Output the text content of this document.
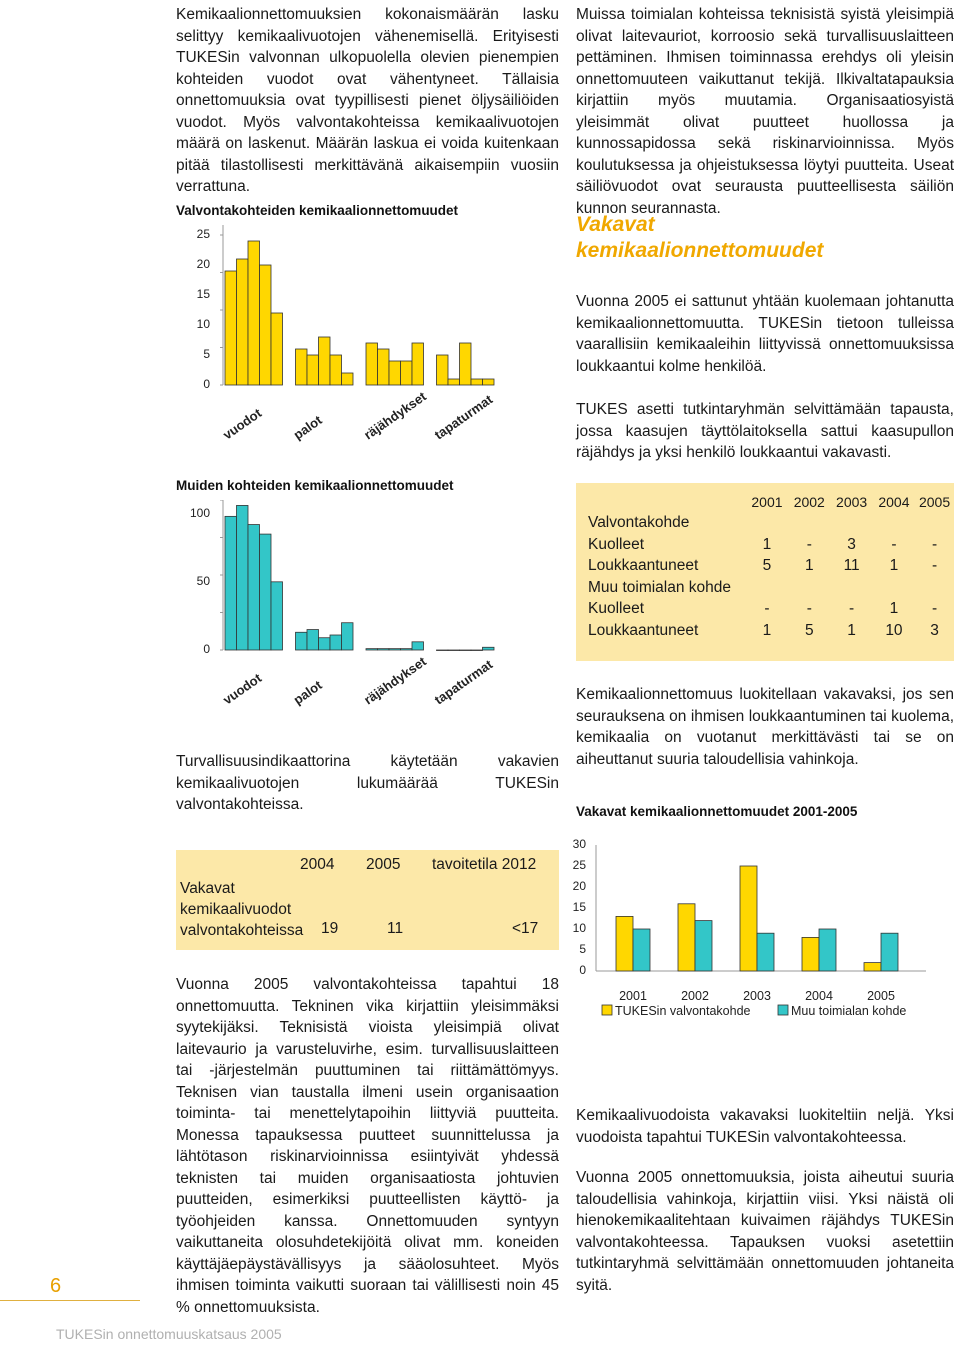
Kemikaalionnettomuuksien kokonaismäärän lasku selittyy kemikaalivuotojen vähenemisellä. Erityisesti TUKESin valvonnan ulkopuolella olevien pienempien kohteiden vuodot ovat vähentyneet. Tällaisia onnettomuuksia ovat tyypillisesti pienet öljysäiliöiden vuodot. Myös valvontakohteissa kemikaalivuotojen määrä on laskenut. Määrän laskua ei voida kuitenkaan pitää tilastollisesti merkittävänä aikaisempiin vuosiin verrattuna.

Valvontakohteiden kemikaalionnettomuudet
25
20
15
10
5
0
vuodot palot	räjähdykset tapaturmat
Muiden kohteiden kemikaalionnettomuudet
100
50
0
vuodot palot	räjähdykset tapaturmat

Turvallisuusindikaattorina käytetään vakavien kemikaalivuotojen lukumäärää TUKESin valvontakohteissa.

2004 2005 tavoitetila 2012
Vakavat
kemikaalivuodot
valvontakohteissa 19	11	<17

Vuonna 2005 valvontakohteissa tapahtui 18 onnettomuutta. Tekninen vika kirjattiin yleisimmäksi syytekijäksi. Teknisistä vioista yleisimpiä olivat laitevaurio ja varusteluvirhe, esim. turvallisuuslaitteen tai -järjestelmän puuttuminen tai riittämättömyys. Teknisen vian taustalla ilmeni usein organisaation toiminta- tai menettelytapoihin liittyviä puutteita. Monessa tapauksessa puutteet suunnittelussa ja lähtötason riskinarvioinnissa esiintyivät yhdessä teknisten tai muiden organisaatiosta johtuvien puutteiden, esimerkiksi puutteellisten käyttö- ja työohjeiden kanssa. Onnettomuuden syntyyn vaikuttaneita olosuhdetekijöitä olivat mm. koneiden käyttäjäepäystävällisyys ja sääolosuhteet. Myös ihmisen toiminta vaikutti suoraan tai välillisesti noin 45 % onnettomuuksista.

Muissa toimialan kohteissa teknisistä syistä yleisimpiä olivat laitevauriot, korroosio sekä turvallisuuslaitteen pettäminen. Ihmisen toiminnassa erehdys oli yleisin onnettomuuteen vaikuttanut tekijä. Ilkivaltatapauksia kirjattiin myös muutamia. Organisaatiosyistä yleisimmät olivat puutteet huollossa ja kunnossapidossa sekä riskinarvioinnissa. Myös koulutuksessa ja ohjeistuksessa löytyi puutteita. Useat säiliövuodot ovat seurausta puutteellisesta säiliön kunnon seurannasta.

Vakavat
kemikaalionnettomuudet

Vuonna 2005 ei sattunut yhtään kuolemaan johtanutta kemikaalionnettomuutta. TUKESin tietoon tulleissa vaarallisiin kemikaaleihin liittyvissä onnettomuuksissa loukkaantui kolme henkilöä.

TUKES asetti tutkintaryhmän selvittämään tapausta, jossa kaasujen täyttölaitoksella sattui kaasupullon räjähdys ja yksi henkilö loukkaantui vakavasti.

	2001	2002	2003	2004	2005
Valvontakohde					
Kuolleet	1	-	3	-	-
Loukkaantuneet	5	1	11	1	-
Muu toimialan kohde					
Kuolleet	-	-	-	1	-
Loukkaantuneet	1	5	1	10	3

Kemikaalionnettomuus luokitellaan vakavaksi, jos sen seurauksena on ihmisen loukkaantuminen tai kuolema, kemikaalia on vuotanut merkittävästi tai se on aiheuttanut suuria taloudellisia vahinkoja.

Vakavat kemikaalionnettomuudet 2001-2005
30
25
20
15
10
5
0
2001	2002	2003	2004	2005
TUKESin valvontakohde	Muu toimialan kohde

Kemikaalivuodoista vakavaksi luokiteltiin neljä. Yksi vuodoista tapahtui TUKESin valvontakohteessa.

Vuonna 2005 onnettomuuksia, joista aiheutui suuria taloudellisia vahinkoja, kirjattiin viisi. Yksi näistä oli hienokemikaalitehtaan kuivaimen räjähdys TUKESin valvontakohteessa. Tapauksen vuoksi asetettiin tutkintaryhmä selvittämään onnettomuuden johtaneita syitä.

6
TUKESin onnettomuuskatsaus 2005
